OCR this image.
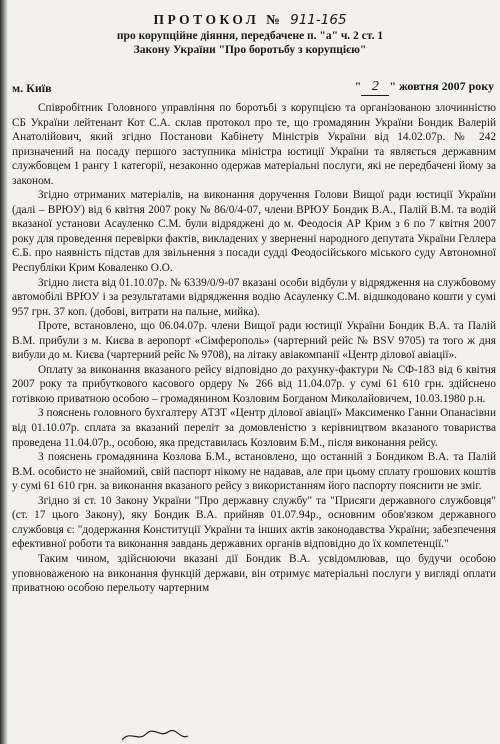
ПРОТОКОЛ № 911-165
про корупційне діяння, передбачене п. "а" ч. 2 ст. 1
Закону України "Про боротьбу з корупцією"
м. Київ	" 2 " жовтня 2007 року

Співробітник Головного управління по боротьбі з корупцією та організованою злочинністю СБ України лейтенант Кот С.А. склав протокол про те, що громадянин України Бондик Валерій Анатолійович, який згідно Постанови Кабінету Міністрів України від 14.02.07р. № 242 призначений на посаду першого заступника міністра юстиції України та являється державним службовцем 1 рангу 1 категорії, незаконно одержав матеріальні послуги, які не передбачені йому за законом.

Згідно отриманих матеріалів, на виконання доручення Голови Вищої ради юстиції України (далі – ВРЮУ) від 6 квітня 2007 року № 86/0/4-07, члени ВРЮУ Бондик В.А., Палій В.М. та водій вказаної установи Асауленко С.М. були відряджені до м. Феодосія АР Крим з 6 по 7 квітня 2007 року для проведення перевірки фактів, викладених у зверненні народного депутата України Геллера Є.Б. про наявність підстав для звільнення з посади судді Феодосійського міського суду Автономної Республіки Крим Коваленко О.О.

Згідно листа від 01.10.07р. № 6339/0/9-07 вказані особи відбули у відрядження на службовому автомобілі ВРЮУ і за результатами відрядження водію Асауленку С.М. відшкодовано кошти у сумі 957 грн. 37 коп. (добові, витрати на пальне, мийка).

Проте, встановлено, що 06.04.07р. члени Вищої ради юстиції України Бондик В.А. та Палій В.М. прибули з м. Києва в аеропорт «Сімферополь» (чартерний рейс № BSV 9705) та того ж дня вибули до м. Києва (чартерний рейс № 9708), на літаку авіакомпанії «Центр ділової авіації».

Оплату за виконання вказаного рейсу відповідно до рахунку-фактури № СФ-183 від 6 квітня 2007 року та прибуткового касового ордеру № 266 від 11.04.07р. у сумі 61 610 грн. здійснено готівкою приватною особою – громадянином Козловим Богданом Миколайовичем, 10.03.1980 р.н.

З пояснень головного бухгалтеру АТЗТ «Центр ділової авіації» Максименко Ганни Опанасівни від 01.10.07р. сплата за вказаний переліт за домовленістю з керівництвом вказаного товариства проведена 11.04.07р., особою, яка представилась Козловим Б.М., після виконання рейсу.

З пояснень громадянина Козлова Б.М., встановлено, що останній з Бондиком В.А. та Палій В.М. особисто не знайомий, свій паспорт нікому не надавав, але при цьому сплату грошових коштів у сумі 61 610 грн. за виконання вказаного рейсу з використанням його паспорту пояснити не зміг.

Згідно зі ст. 10 Закону України "Про державну службу" та "Присяги державного службовця" (ст. 17 цього Закону), яку Бондик В.А. прийняв 01.07.94р., основним обов'язком державного службовця є: "додержання Конституції України та інших актів законодавства України; забезпечення ефективної роботи та виконання завдань державних органів відповідно до їх компетенції."

Таким чином, здійснюючи вказані дії Бондик В.А. усвідомлював, що будучи особою уповноваженою на виконання функцій держави, він отримує матеріальні послуги у вигляді оплати приватною особою перельоту чартерним
